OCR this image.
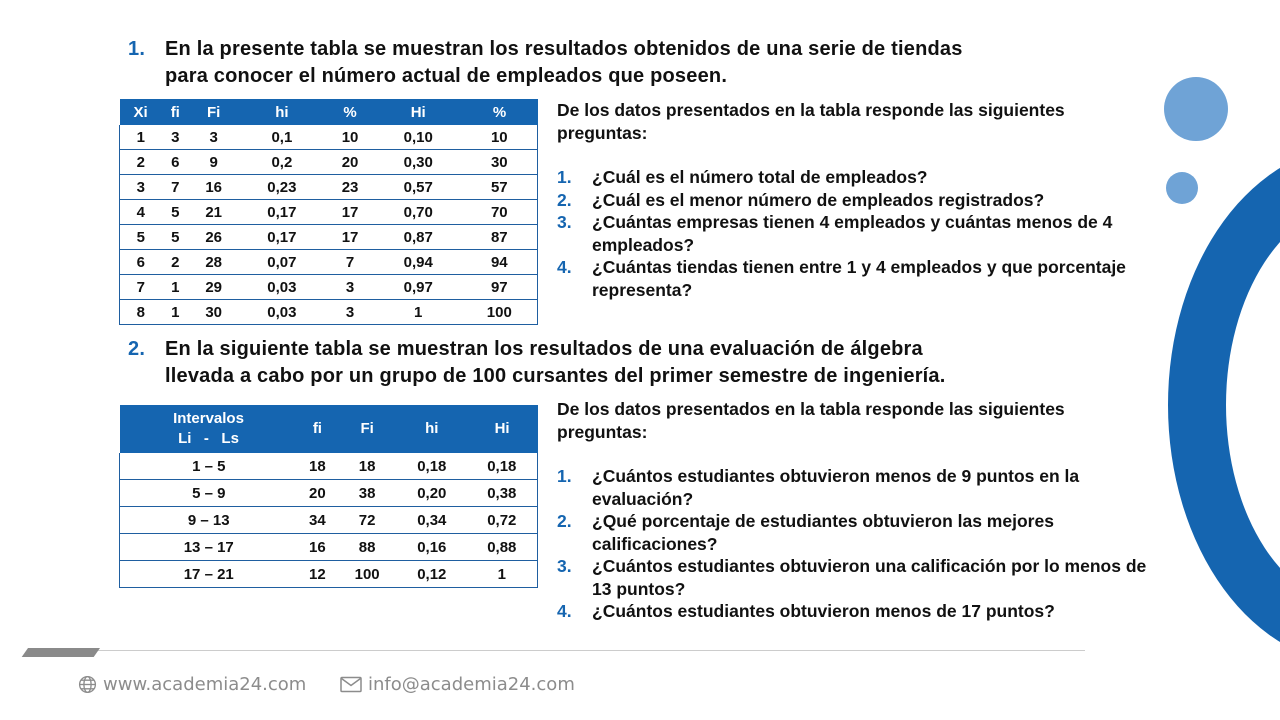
1. En la presente tabla se muestran los resultados obtenidos de una serie de tiendas
para conocer el número actual de empleados que poseen.
Xi	fi	Fi	hi	%	Hi	%
1	3	3	0,1	10	0,10	10
2	6	9	0,2	20	0,30	30
3	7	16	0,23	23	0,57	57
4	5	21	0,17	17	0,70	70
5	5	26	0,17	17	0,87	87
6	2	28	0,07	7	0,94	94
7	1	29	0,03	3	0,97	97
8	1	30	0,03	3	1	100

De los datos presentados en la tabla responde las siguientes preguntas:

1. ¿Cuál es el número total de empleados?
2. ¿Cuál es el menor número de empleados registrados?
3. ¿Cuántas empresas tienen 4 empleados y cuántas menos de 4 empleados?
4. ¿Cuántas tiendas tienen entre 1 y 4 empleados y que porcentaje representa?
2. En la siguiente tabla se muestran los resultados de una evaluación de álgebra
llevada a cabo por un grupo de 100 cursantes del primer semestre de ingeniería.
Intervalos
Li   -   Ls	fi	Fi	hi	Hi
1 – 5	18	18	0,18	0,18
5 – 9	20	38	0,20	0,38
9 – 13	34	72	0,34	0,72
13 – 17	16	88	0,16	0,88
17 – 21	12	100	0,12	1

De los datos presentados en la tabla responde las siguientes preguntas:

1. ¿Cuántos estudiantes obtuvieron menos de 9 puntos en la evaluación?
2. ¿Qué porcentaje de estudiantes obtuvieron las mejores calificaciones?
3. ¿Cuántos estudiantes obtuvieron una calificación por lo menos de 13 puntos?
4. ¿Cuántos estudiantes obtuvieron menos de 17 puntos?
www.academia24.com	info@academia24.com
